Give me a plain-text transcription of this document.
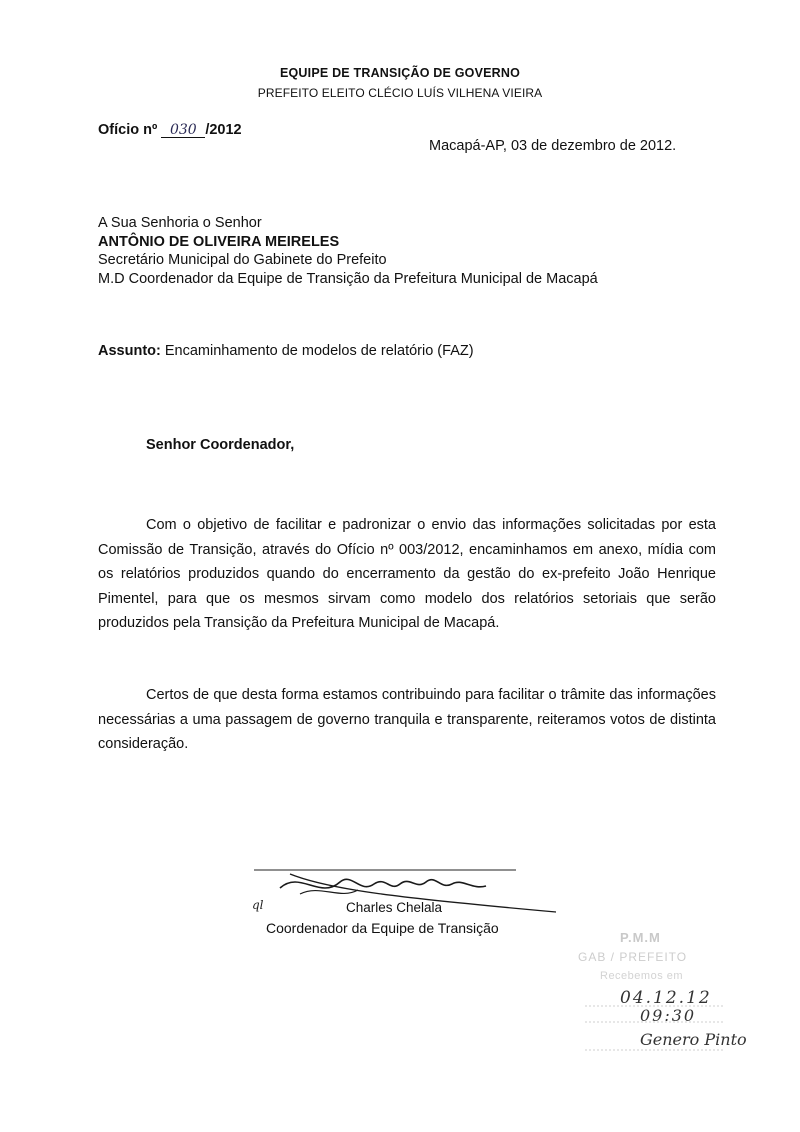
EQUIPE DE TRANSIÇÃO DE GOVERNO
PREFEITO ELEITO CLÉCIO LUÍS VILHENA VIEIRA
Ofício nº 030 /2012
Macapá-AP, 03 de dezembro de 2012.
A Sua Senhoria o Senhor
ANTÔNIO DE OLIVEIRA MEIRELES
Secretário Municipal do Gabinete do Prefeito
M.D Coordenador da Equipe de Transição da Prefeitura Municipal de Macapá
Assunto: Encaminhamento de modelos de relatório (FAZ)
Senhor Coordenador,

Com o objetivo de facilitar e padronizar o envio das informações solicitadas por esta Comissão de Transição, através do Ofício nº 003/2012, encaminhamos em anexo, mídia com os relatórios produzidos quando do encerramento da gestão do ex-prefeito João Henrique Pimentel, para que os mesmos sirvam como modelo dos relatórios setoriais que serão produzidos pela Transição da Prefeitura Municipal de Macapá.

Certos de que desta forma estamos contribuindo para facilitar o trâmite das informações necessárias a uma passagem de governo tranquila e transparente, reiteramos votos de distinta consideração.

ql	Charles Chelala
Coordenador da Equipe de Transição
P.M.M
GAB / PREFEITO
Recebemos em
04.12.12
09:30
Genero Pinto
